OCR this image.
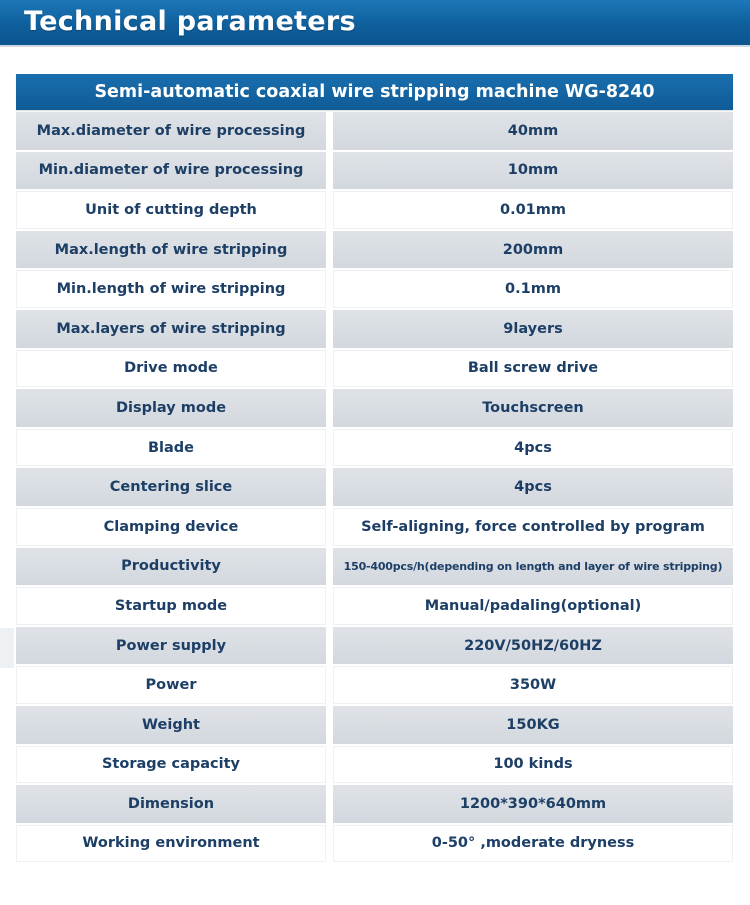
Technical parameters
Semi-automatic coaxial wire stripping machine WG-8240
Max.diameter of wire processing	40mm
Min.diameter of wire processing	10mm
Unit of cutting depth	0.01mm
Max.length of wire stripping	200mm
Min.length of wire stripping	0.1mm
Max.layers of wire stripping	9layers
Drive mode	Ball screw drive
Display mode	Touchscreen
Blade	4pcs
Centering slice	4pcs
Clamping device	Self-aligning, force controlled by program
Productivity	150-400pcs/h(depending on length and layer of wire stripping)
Startup mode	Manual/padaling(optional)
Power supply	220V/50HZ/60HZ
Power	350W
Weight	150KG
Storage capacity	100 kinds
Dimension	1200*390*640mm
Working environment	0-50° ,moderate dryness
